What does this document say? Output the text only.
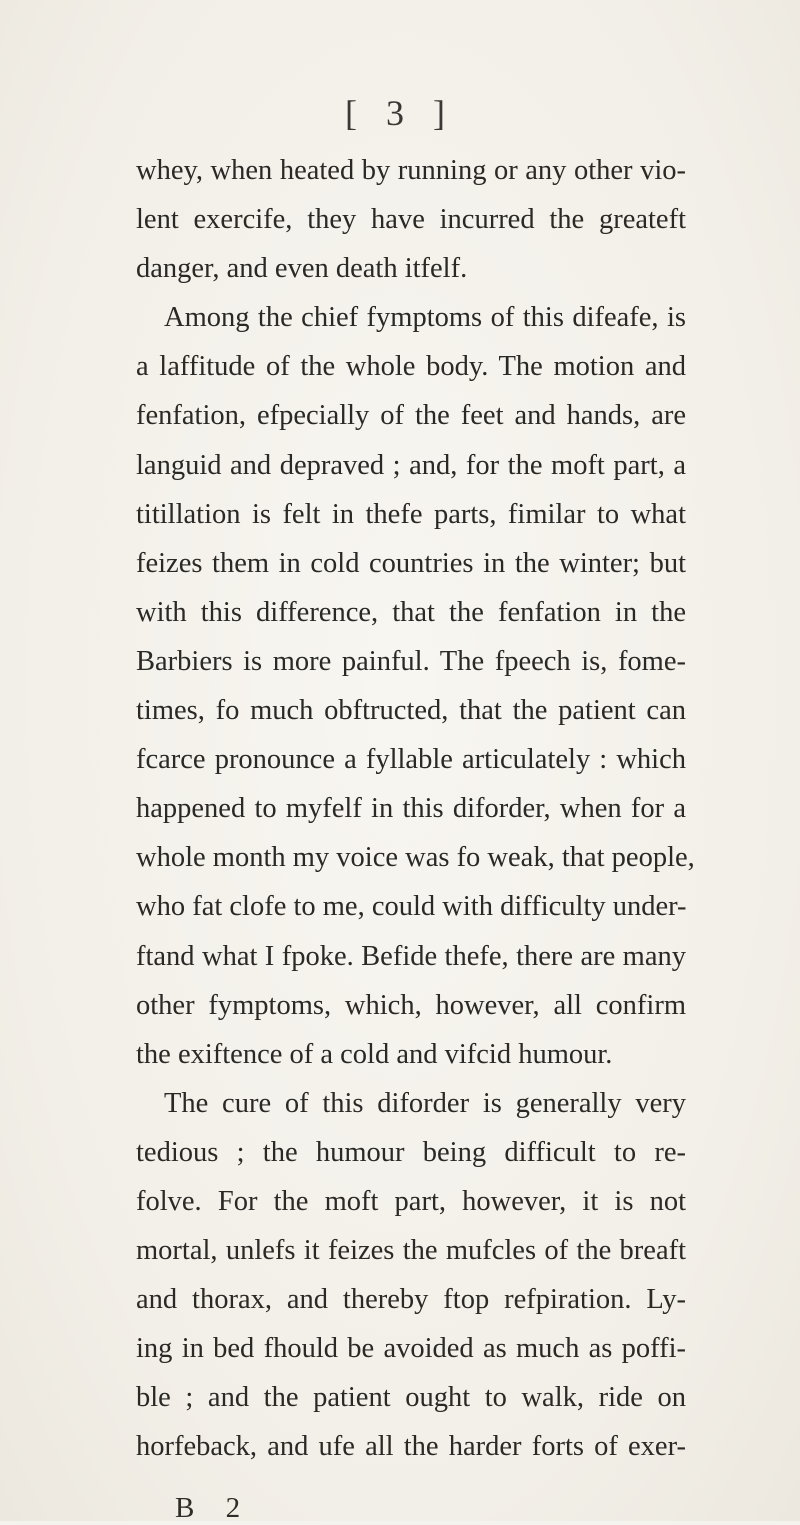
[ 3 ]
whey, when heated by running or any other vio-
lent exercife, they have incurred the greateft
danger, and even death itfelf.
Among the chief fymptoms of this difeafe, is
a laffitude of the whole body. The motion and
fenfation, efpecially of the feet and hands, are
languid and depraved ; and, for the moft part, a
titillation is felt in thefe parts, fimilar to what
feizes them in cold countries in the winter; but
with this difference, that the fenfation in the
Barbiers is more painful. The fpeech is, fome-
times, fo much obftructed, that the patient can
fcarce pronounce a fyllable articulately : which
happened to myfelf in this diforder, when for a
whole month my voice was fo weak, that people,
who fat clofe to me, could with difficulty under-
ftand what I fpoke. Befide thefe, there are many
other fymptoms, which, however, all confirm
the exiftence of a cold and vifcid humour.
The cure of this diforder is generally very
tedious ; the humour being difficult to re-
folve. For the moft part, however, it is not
mortal, unlefs it feizes the mufcles of the breaft
and thorax, and thereby ftop refpiration. Ly-
ing in bed fhould be avoided as much as poffi-
ble ; and the patient ought to walk, ride on
horfeback, and ufe all the harder forts of exer-
B 2
